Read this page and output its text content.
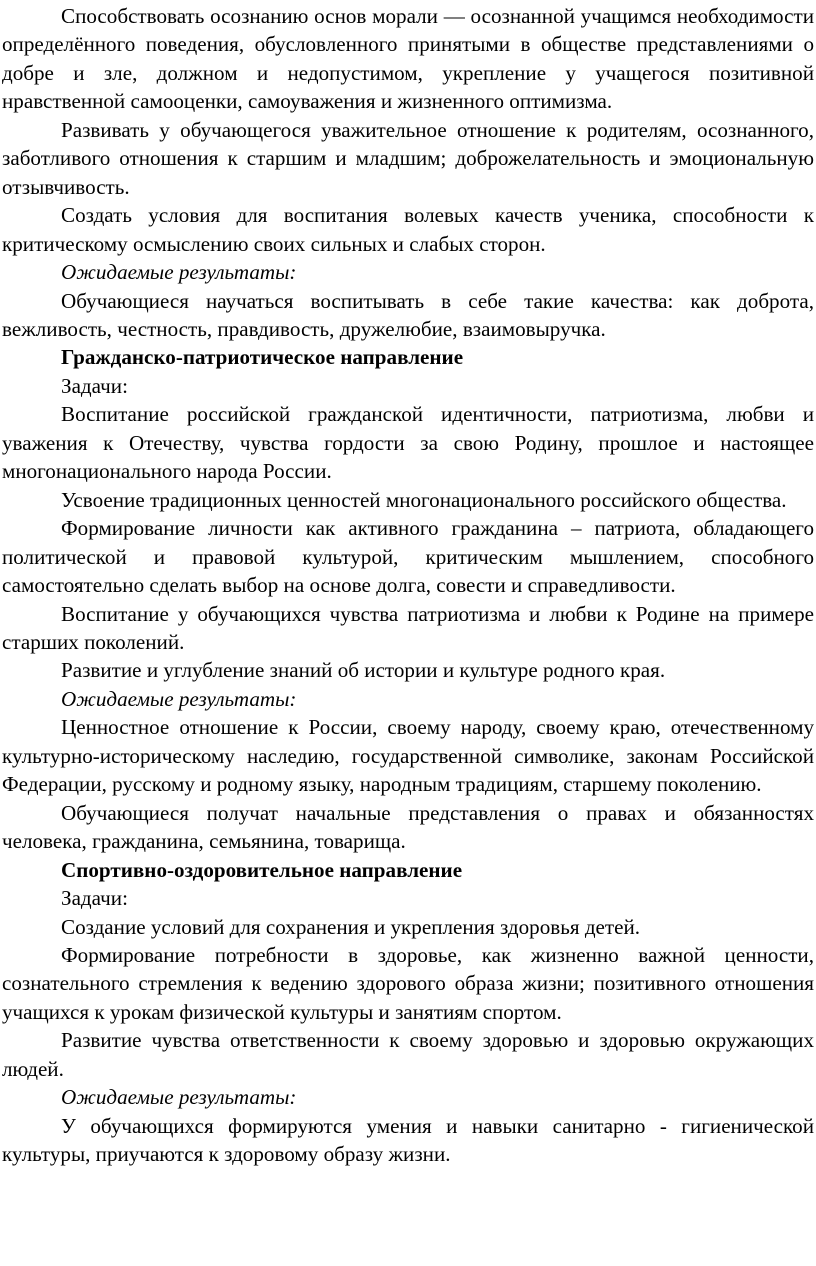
Способствовать осознанию основ морали — осознанной учащимся необходимости определённого поведения, обусловленного принятыми в обществе представлениями о добре и зле, должном и недопустимом, укрепление у учащегося позитивной нравственной самооценки, самоуважения и жизненного оптимизма.

Развивать у обучающегося уважительное отношение к родителям, осознанного, заботливого отношения к старшим и младшим; доброжелательность и эмоциональную отзывчивость.

Создать условия для воспитания волевых качеств ученика, способности к критическому осмыслению своих сильных и слабых сторон.

Ожидаемые результаты:

Обучающиеся научаться воспитывать в себе такие качества: как доброта, вежливость, честность, правдивость, дружелюбие, взаимовыручка.

Гражданско-патриотическое направление

Задачи:

Воспитание российской гражданской идентичности, патриотизма, любви и уважения к Отечеству, чувства гордости за свою Родину, прошлое и настоящее многонационального народа России.

Усвоение традиционных ценностей многонационального российского общества.

Формирование личности как активного гражданина – патриота, обладающего политической и правовой культурой, критическим мышлением, способного самостоятельно сделать выбор на основе долга, совести и справедливости.

Воспитание у обучающихся чувства патриотизма и любви к Родине на примере старших поколений.

Развитие и углубление знаний об истории и культуре родного края.

Ожидаемые результаты:

Ценностное отношение к России, своему народу, своему краю, отечественному культурно-историческому наследию, государственной символике, законам Российской Федерации, русскому и родному языку, народным традициям, старшему поколению.

Обучающиеся получат начальные представления о правах и обязанностях человека, гражданина, семьянина, товарища.

Спортивно-оздоровительное направление

Задачи:

Создание условий для сохранения и укрепления здоровья детей.

Формирование потребности в здоровье, как жизненно важной ценности, сознательного стремления к ведению здорового образа жизни; позитивного отношения учащихся к урокам физической культуры и занятиям спортом.

Развитие чувства ответственности к своему здоровью и здоровью окружающих людей.

Ожидаемые результаты:

У обучающихся формируются умения и навыки санитарно - гигиенической культуры, приучаются к здоровому образу жизни.
